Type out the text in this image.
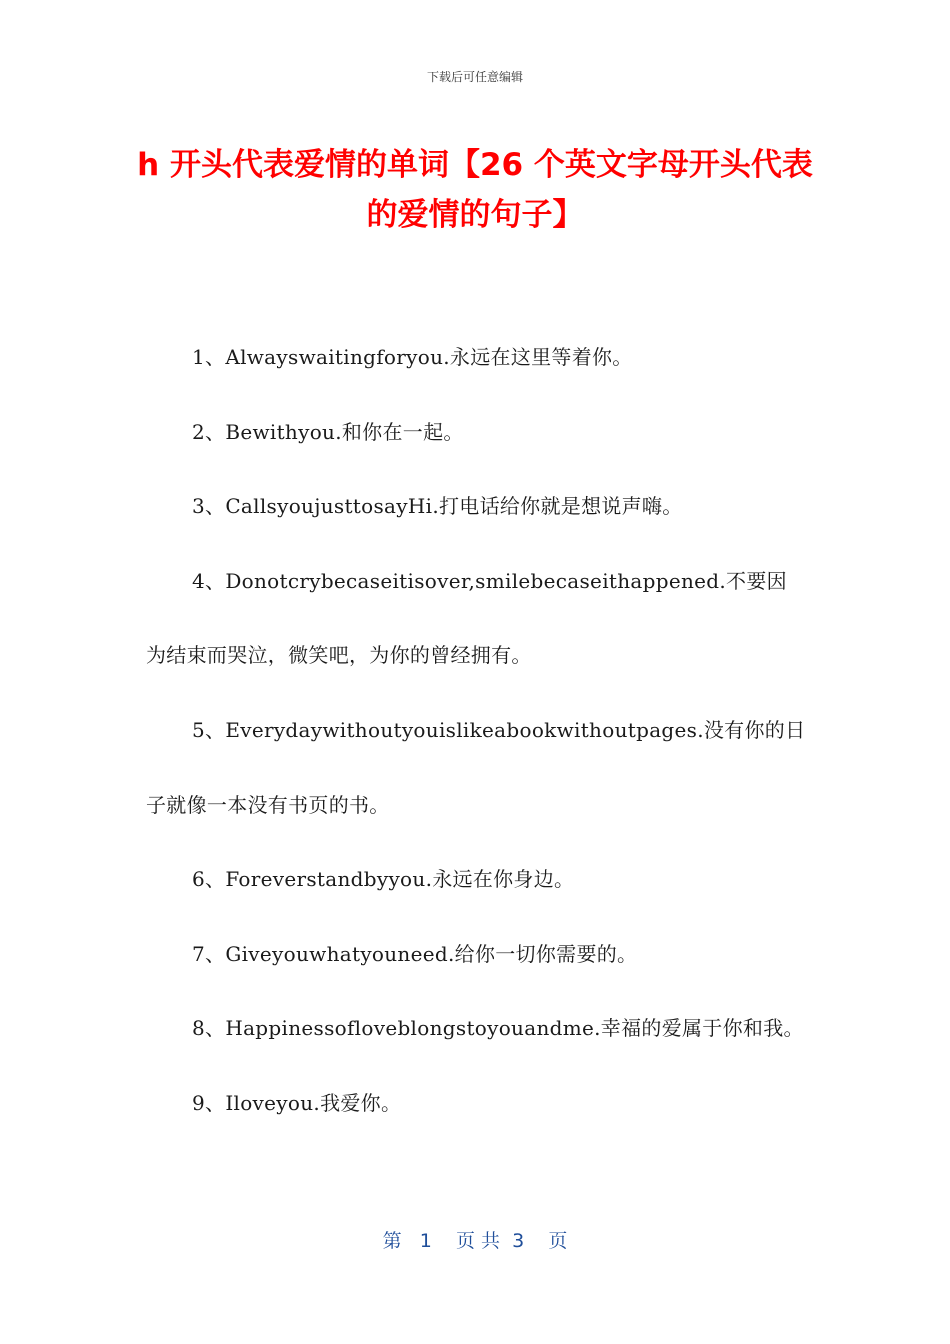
下载后可任意编辑
h 开头代表爱情的单词【26 个英文字母开头代表的爱情的句子】

1、Alwayswaitingforyou.永远在这里等着你。

2、Bewithyou.和你在一起。

3、CallsyoujusttosayHi.打电话给你就是想说声嗨。

4、Donotcrybecaseitisover,smilebecaseithappened.不要因为结束而哭泣，微笑吧，为你的曾经拥有。

5、Everydaywithoutyouislikeabookwithoutpages.没有你的日子就像一本没有书页的书。

6、Foreverstandbyyou.永远在你身边。

7、Giveyouwhatyouneed.给你一切你需要的。

8、Happinessofloveblongstoyouandme.幸福的爱属于你和我。

9、Iloveyou.我爱你。

第   1    页 共  3    页
